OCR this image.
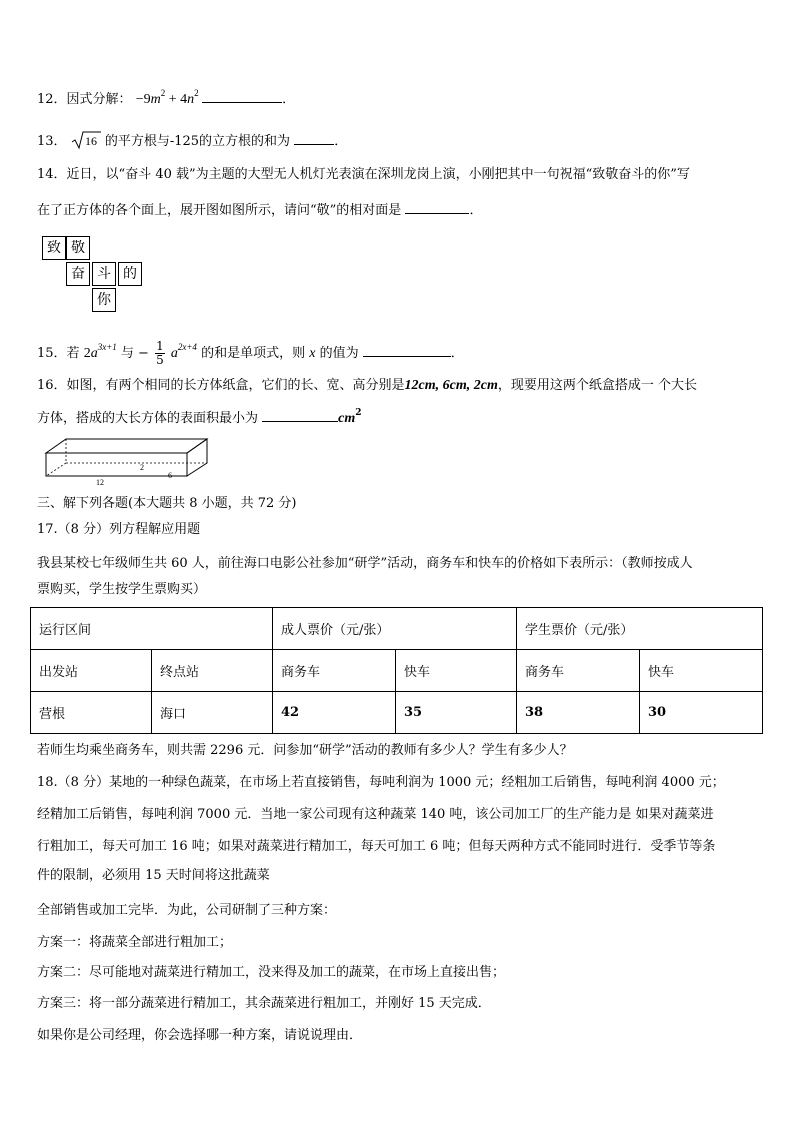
12．因式分解： $-9m^2 + 4n^2$	．
13． 16 的平方根与-125的立方根的和为	．
14．近日，以“奋斗 40 载”为主题的大型无人机灯光表演在深圳龙岗上演，小刚把其中一句祝福“致敬奋斗的你”写
在了正方体的各个面上，展开图如图所示，请问“敬”的相对面是	．
致 敬
奋 斗 的
你
15．若 $2a^{3x+1}$ 与 − $\frac{1}{5} a^{2x+4}$ 的和是单项式，则 x 的值为	．
16．如图，有两个相同的长方体纸盒，它们的长、宽、高分别是12cm, 6cm, 2cm，现要用这两个纸盒搭成一 个大长
方体，搭成的大长方体的表面积最小为	$cm^2$
2
6
12
三、解下列各题(本大题共 8 小题，共 72 分)
17.（8 分）列方程解应用题
我县某校七年级师生共 60 人，前往海口电影公社参加“研学”活动，商务车和快车的价格如下表所示：（教师按成人
票购买，学生按学生票购买）
运行区间		成人票价（元/张）		学生票价（元/张）	
出发站	终点站	商务车	快车	商务车	快车
营根	海口	42	35	38	30
若师生均乘坐商务车，则共需 2296 元．问参加“研学”活动的教师有多少人？学生有多少人？
18.（8 分）某地的一种绿色蔬菜，在市场上若直接销售，每吨利润为 1000 元；经粗加工后销售，每吨利润 4000 元；
经精加工后销售，每吨利润 7000 元．当地一家公司现有这种蔬菜 140 吨，该公司加工厂的生产能力是 如果对蔬菜进
行粗加工，每天可加工 16 吨；如果对蔬菜进行精加工，每天可加工 6 吨；但每天两种方式不能同时进行．受季节等条
件的限制，必须用 15 天时间将这批蔬菜
全部销售或加工完毕．为此，公司研制了三种方案：
方案一：将蔬菜全部进行粗加工；
方案二：尽可能地对蔬菜进行精加工，没来得及加工的蔬菜，在市场上直接出售；
方案三：将一部分蔬菜进行精加工，其余蔬菜进行粗加工，并刚好 15 天完成．
如果你是公司经理，你会选择哪一种方案，请说说理由．
